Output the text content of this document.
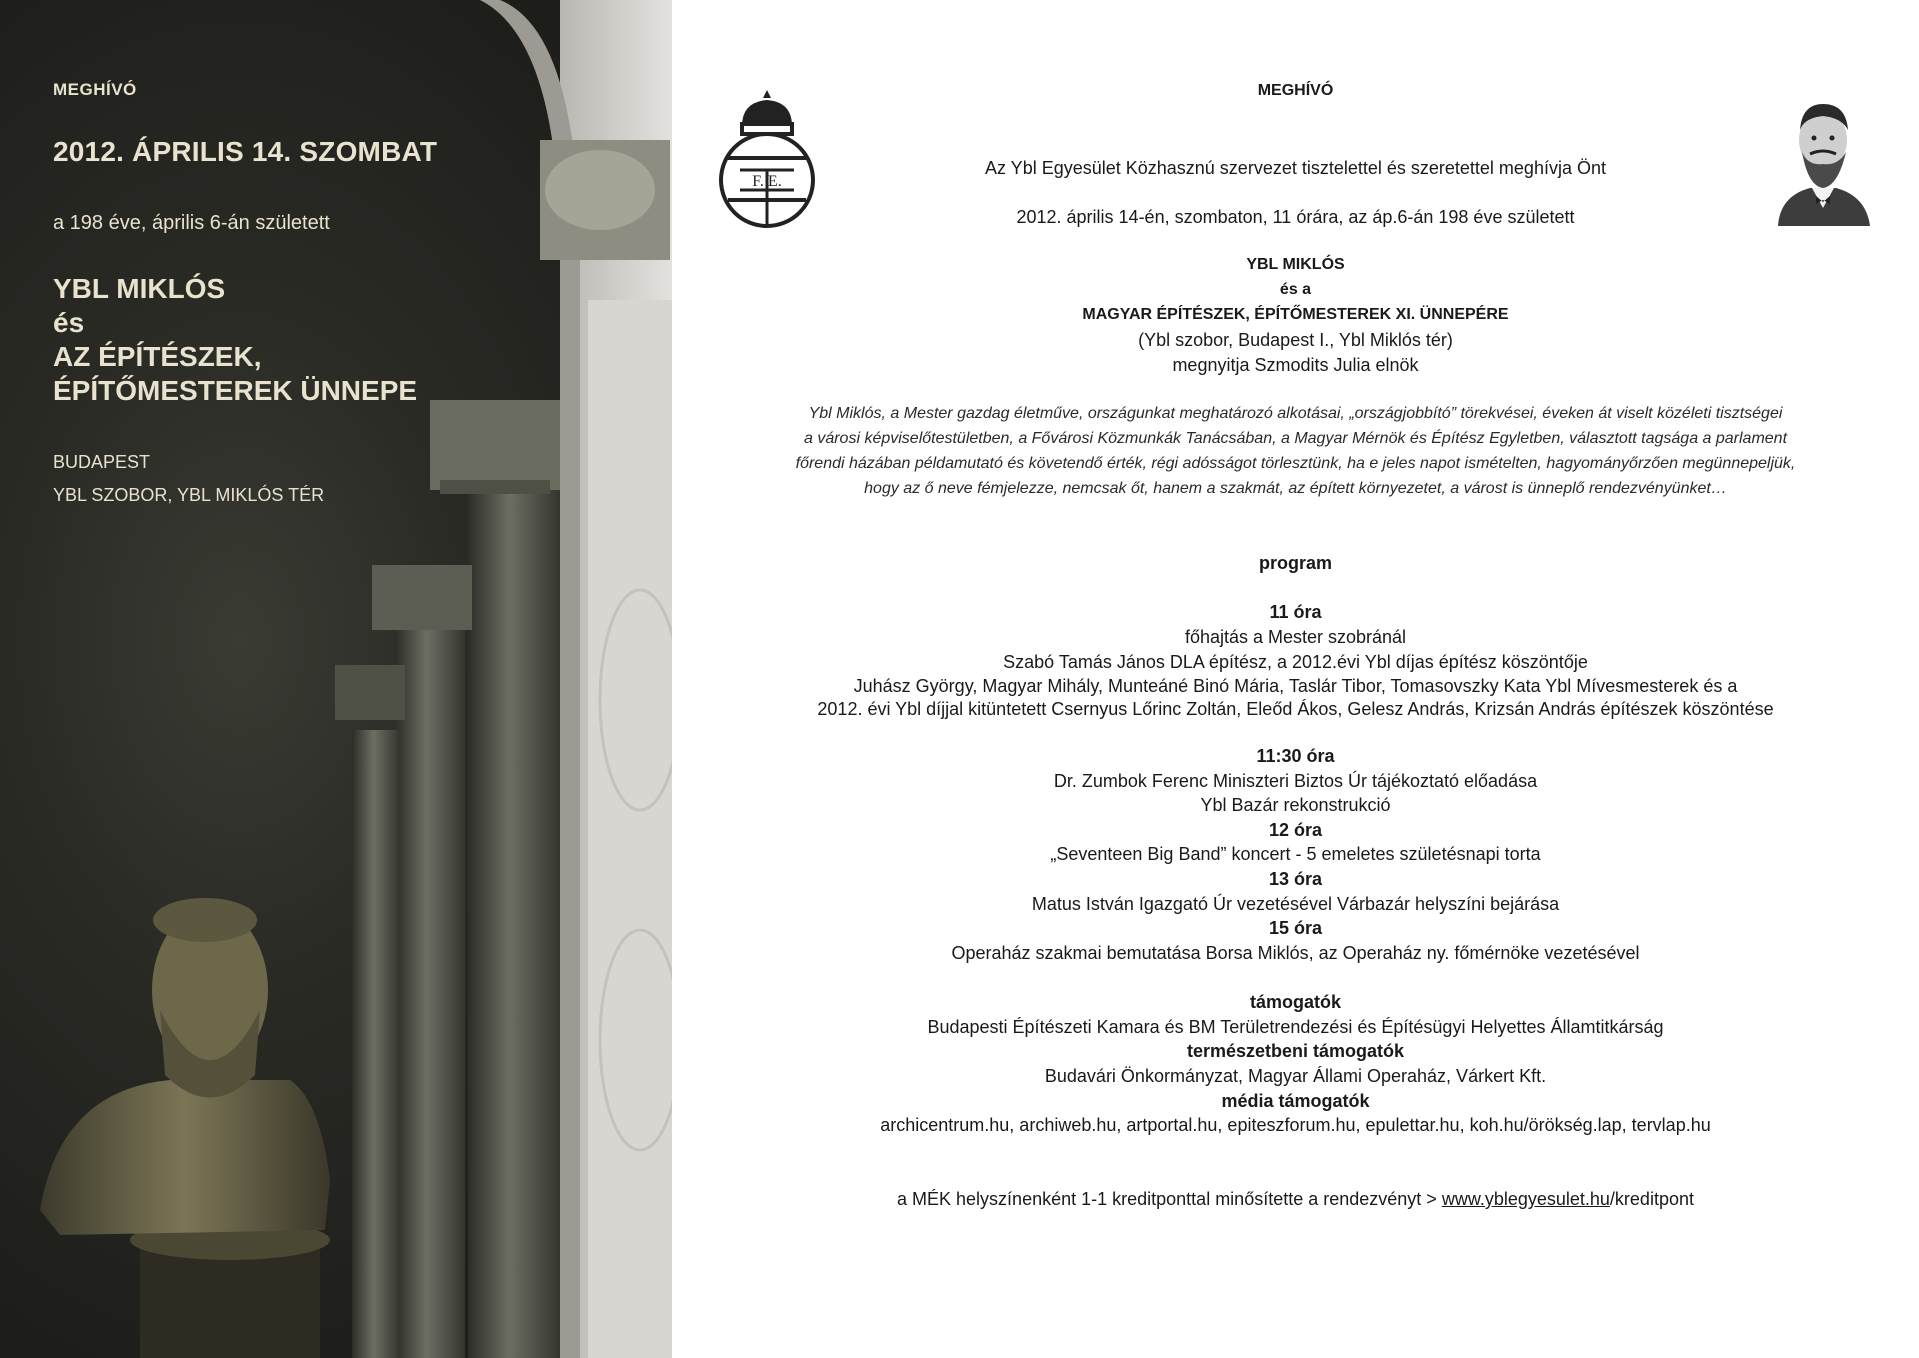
MEGHÍVÓ
2012. ÁPRILIS 14. SZOMBAT
a 198 éve, április 6-án született
YBL MIKLÓS
és
AZ ÉPÍTÉSZEK,
ÉPÍTŐMESTEREK ÜNNEPE
BUDAPEST
YBL SZOBOR, YBL MIKLÓS TÉR
F. E.
MEGHÍVÓ
Az Ybl Egyesület Közhasznú szervezet tisztelettel és szeretettel meghívja Önt
2012. április 14-én, szombaton, 11 órára, az áp.6-án 198 éve született
YBL MIKLÓS
és a
MAGYAR ÉPÍTÉSZEK, ÉPÍTŐMESTEREK XI. ÜNNEPÉRE
(Ybl szobor, Budapest I., Ybl Miklós tér)
megnyitja Szmodits Julia elnök
Ybl Miklós, a Mester gazdag életműve, országunkat meghatározó alkotásai, „országjobbító” törekvései, éveken át viselt közéleti tisztségei
a városi képviselőtestületben, a Fővárosi Közmunkák Tanácsában, a Magyar Mérnök és Építész Egyletben, választott tagsága a parlament
főrendi házában példamutató és követendő érték, régi adósságot törlesztünk, ha e jeles napot ismételten, hagyományőrzően megünnepeljük,
hogy az ő neve fémjelezze, nemcsak őt, hanem a szakmát, az épített környezetet, a várost is ünneplő rendezvényünket…
program
11 óra
főhajtás a Mester szobránál
Szabó Tamás János DLA építész, a 2012.évi Ybl díjas építész köszöntője
Juhász György, Magyar Mihály, Munteáné Binó Mária, Taslár Tibor, Tomasovszky Kata Ybl Mívesmesterek és a
2012. évi Ybl díjjal kitüntetett Csernyus Lőrinc Zoltán, Eleőd Ákos, Gelesz András, Krizsán András építészek köszöntése
11:30 óra
Dr. Zumbok Ferenc Miniszteri Biztos Úr tájékoztató előadása
Ybl Bazár rekonstrukció
12 óra
„Seventeen Big Band” koncert - 5 emeletes születésnapi torta
13 óra
Matus István Igazgató Úr vezetésével Várbazár helyszíni bejárása
15 óra
Operaház szakmai bemutatása Borsa Miklós, az Operaház ny. főmérnöke vezetésével
támogatók
Budapesti Építészeti Kamara és BM Területrendezési és Építésügyi Helyettes Államtitkárság
természetbeni támogatók
Budavári Önkormányzat, Magyar Állami Operaház, Várkert Kft.
média támogatók
archicentrum.hu, archiweb.hu, artportal.hu, epiteszforum.hu, epulettar.hu, koh.hu/örökség.lap, tervlap.hu
a MÉK helyszínenként 1-1 kreditponttal minősítette a rendezvényt > www.yblegyesulet.hu/kreditpont
